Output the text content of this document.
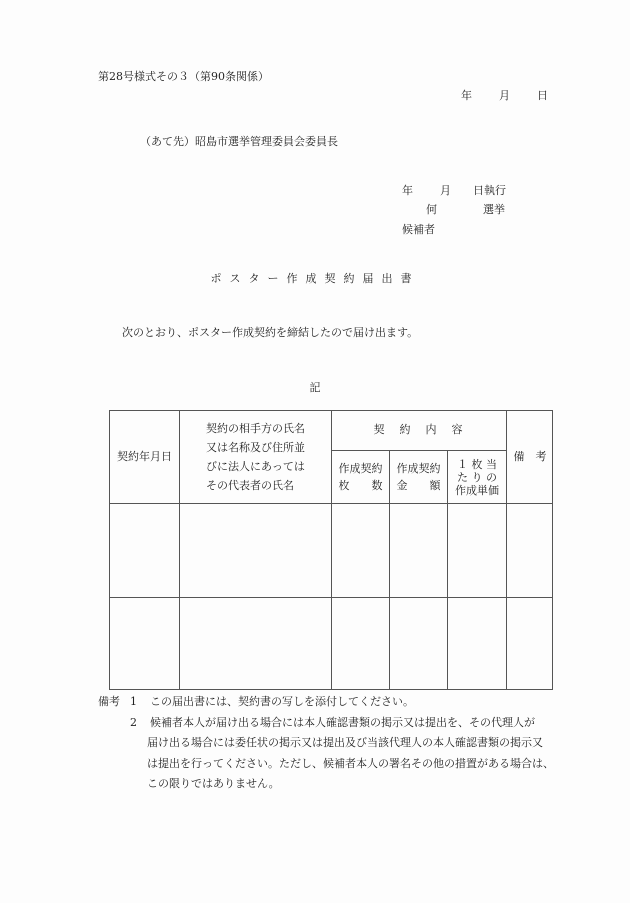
第28号様式その３（第90条関係）
年 月 日
（あて先）昭島市選挙管理委員会委員長
年 月 日執行
何	選挙
候補者
ポスター作成契約届出書
次のとおり、ポスター作成契約を締結したので届け出ます。
記
契約年月日
契約の相手方の氏名
又は名称及び住所並
びに法人にあっては
その代表者の氏名
契　約　内　容
作成契約
枚　　数
作成契約
金　　額
１ 枚 当
た り の
作成単価
備　考
備考 1 この届出書には、契約書の写しを添付してください。
2 候補者本人が届け出る場合には本人確認書類の掲示又は提出を、その代理人が
届け出る場合には委任状の掲示又は提出及び当該代理人の本人確認書類の掲示又
は提出を行ってください。ただし、候補者本人の署名その他の措置がある場合は、
この限りではありません。
